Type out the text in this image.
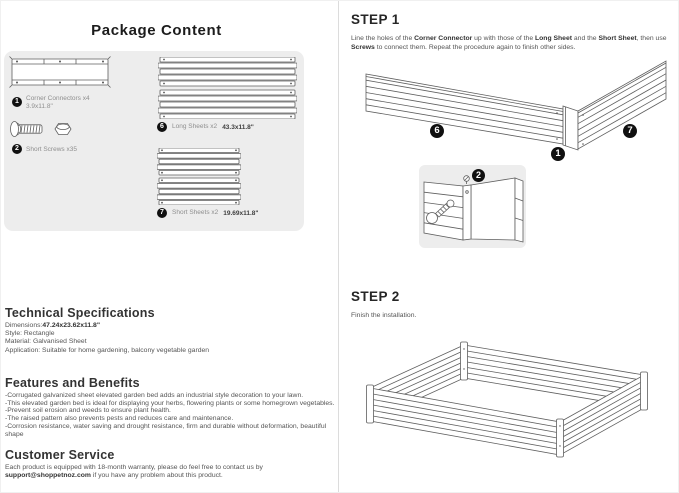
Package Content
1	Corner Connectors x4
3.9x11.8"
2	Short Screws x35
6	Long Sheets x2 43.3x11.8"
7	Short Sheets x2 19.69x11.8"
Technical Specifications
Dimensions:47.24x23.62x11.8"
Style: Rectangle
Material: Galvanised Sheet
Application: Suitable for home gardening, balcony vegetable garden
Features and Benefits
-Corrugated galvanized sheet elevated garden bed adds an industrial style decoration to your lawn.
-This elevated garden bed is ideal for displaying your herbs, flowering plants or some homegrown vegetables.
-Prevent soil erosion and weeds to ensure plant health.
-The raised pattern also prevents pests and reduces care and maintenance.
-Corrosion resistance, water saving and drought resistance, firm and durable without deformation, beautiful shape
Customer Service
Each product is equipped with 18-month warranty, please do feel free to contact us by support@shoppetnoz.com if you have any problem about this product.
STEP 1
Line the holes of the Corner Connector up with those of the Long Sheet and the Short Sheet, then use Screws to connect them. Repeat the procedure again to finish other sides.
6
1
7
2
STEP 2
Finish the installation.
